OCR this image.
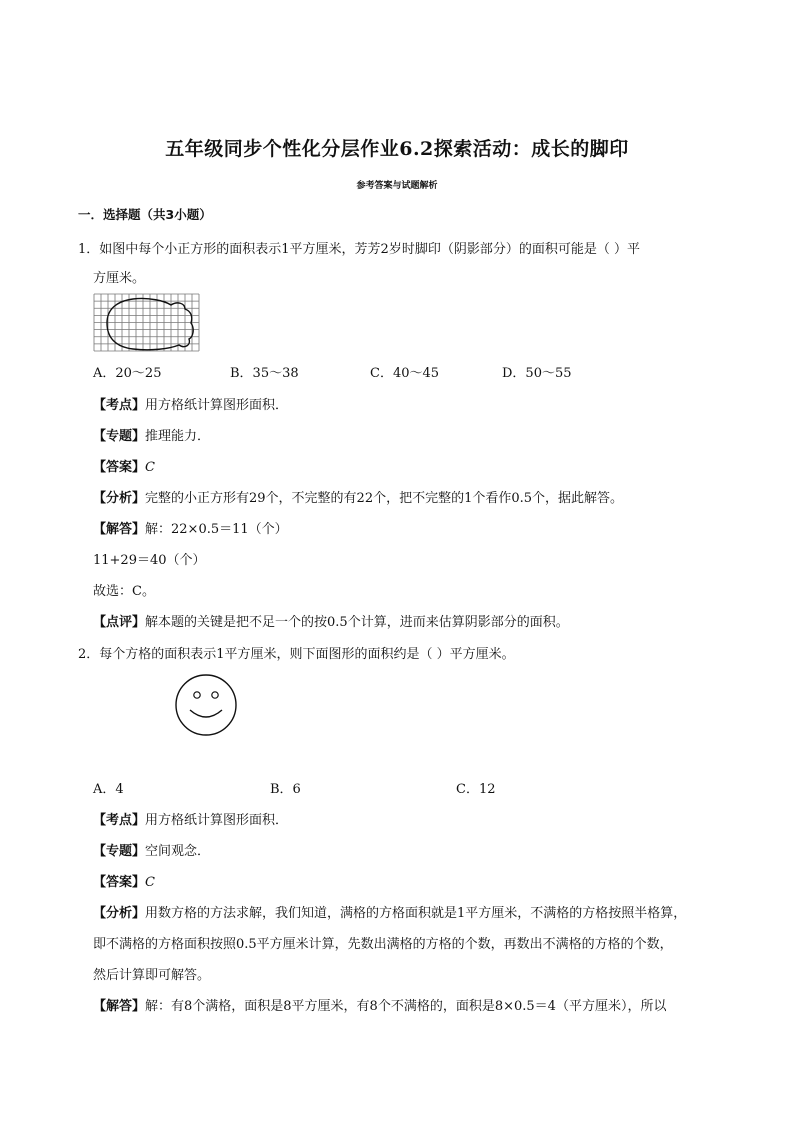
五年级同步个性化分层作业6.2探索活动：成长的脚印
参考答案与试题解析
一．选择题（共3小题）
1．如图中每个小正方形的面积表示1平方厘米，芳芳2岁时脚印（阴影部分）的面积可能是（ ）平
方厘米。
A．20～25	B．35～38	C．40～45	D．50～55
【考点】用方格纸计算图形面积．
【专题】推理能力．
【答案】C
【分析】完整的小正方形有29个，不完整的有22个，把不完整的1个看作0.5个，据此解答。
【解答】解：22×0.5＝11（个）
11+29＝40（个）
故选：C。
【点评】解本题的关键是把不足一个的按0.5个计算，进而来估算阴影部分的面积。
2．每个方格的面积表示1平方厘米，则下面图形的面积约是（ ）平方厘米。
A．4	B．6	C．12
【考点】用方格纸计算图形面积．
【专题】空间观念．
【答案】C
【分析】用数方格的方法求解，我们知道，满格的方格面积就是1平方厘米，不满格的方格按照半格算，
即不满格的方格面积按照0.5平方厘米计算，先数出满格的方格的个数，再数出不满格的方格的个数，
然后计算即可解答。
【解答】解：有8个满格，面积是8平方厘米，有8个不满格的，面积是8×0.5＝4（平方厘米），所以
